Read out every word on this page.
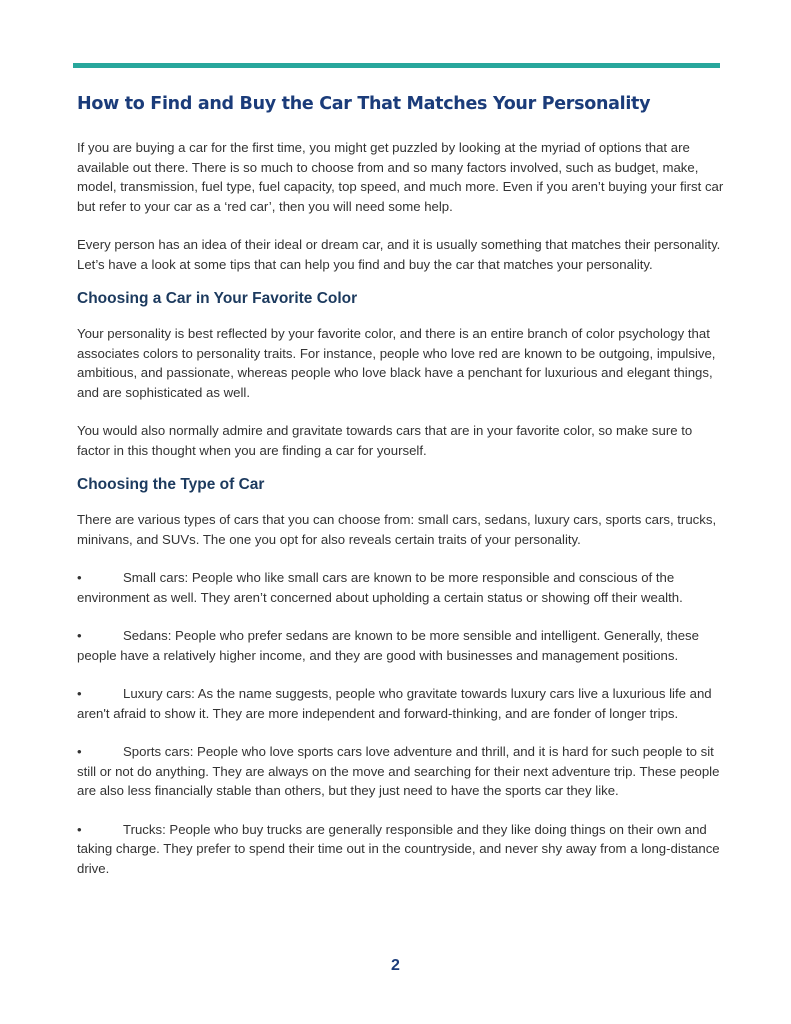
How to Find and Buy the Car That Matches Your Personality

If you are buying a car for the first time, you might get puzzled by looking at the myriad of options that are available out there. There is so much to choose from and so many factors involved, such as budget, make, model, transmission, fuel type, fuel capacity, top speed, and much more. Even if you aren’t buying your first car but refer to your car as a ‘red car’, then you will need some help.

Every person has an idea of their ideal or dream car, and it is usually something that matches their personality. Let’s have a look at some tips that can help you find and buy the car that matches your personality.

Choosing a Car in Your Favorite Color

Your personality is best reflected by your favorite color, and there is an entire branch of color psychology that associates colors to personality traits. For instance, people who love red are known to be outgoing, impulsive, ambitious, and passionate, whereas people who love black have a penchant for luxurious and elegant things, and are sophisticated as well.

You would also normally admire and gravitate towards cars that are in your favorite color, so make sure to factor in this thought when you are finding a car for yourself.

Choosing the Type of Car

There are various types of cars that you can choose from: small cars, sedans, luxury cars, sports cars, trucks, minivans, and SUVs. The one you opt for also reveals certain traits of your personality.

•	Small cars: People who like small cars are known to be more responsible and conscious of the environment as well. They aren’t concerned about upholding a certain status or showing off their wealth.

•	Sedans: People who prefer sedans are known to be more sensible and intelligent. Generally, these people have a relatively higher income, and they are good with businesses and management positions.

•	Luxury cars: As the name suggests, people who gravitate towards luxury cars live a luxurious life and aren't afraid to show it. They are more independent and forward-thinking, and are fonder of longer trips.

•	Sports cars: People who love sports cars love adventure and thrill, and it is hard for such people to sit still or not do anything. They are always on the move and searching for their next adventure trip. These people are also less financially stable than others, but they just need to have the sports car they like.

•	Trucks: People who buy trucks are generally responsible and they like doing things on their own and taking charge. They prefer to spend their time out in the countryside, and never shy away from a long-distance drive.

2
